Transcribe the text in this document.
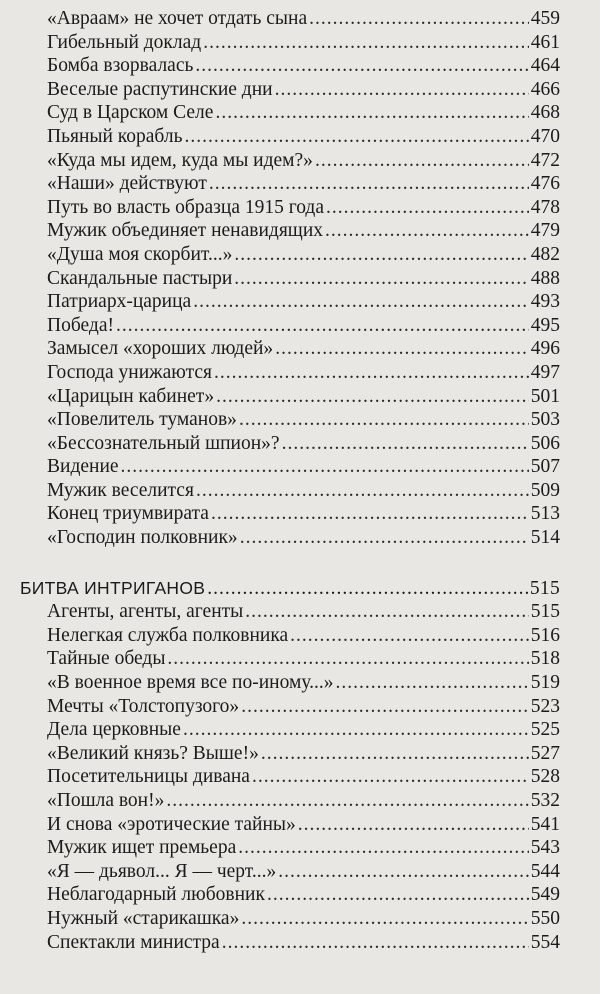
«Авраам» не хочет отдать сына .....	459
Гибельный доклад .....	461
Бомба взорвалась .....	464
Веселые распутинские дни .....	466
Суд в Царском Селе .....	468
Пьяный корабль .....	470
«Куда мы идем, куда мы идем?» .....	472
«Наши» действуют .....	476
Путь во власть образца 1915 года .....	478
Мужик объединяет ненавидящих .....	479
«Душа моя скорбит...» .....	482
Скандальные пастыри .....	488
Патриарх-царица .....	493
Победа! .....	495
Замысел «хороших людей» .....	496
Господа унижаются .....	497
«Царицын кабинет» .....	501
«Повелитель туманов» .....	503
«Бессознательный шпион»? .....	506
Видение .....	507
Мужик веселится .....	509
Конец триумвирата .....	513
«Господин полковник» .....	514
БИТВА ИНТРИГАНОВ .....	515
Агенты, агенты, агенты .....	515
Нелегкая служба полковника .....	516
Тайные обеды .....	518
«В военное время все по-иному...» .....	519
Мечты «Толстопузого» .....	523
Дела церковные .....	525
«Великий князь? Выше!» .....	527
Посетительницы дивана .....	528
«Пошла вон!» .....	532
И снова «эротические тайны» .....	541
Мужик ищет премьера .....	543
«Я — дьявол... Я — черт...» .....	544
Неблагодарный любовник .....	549
Нужный «старикашка» .....	550
Спектакли министра .....	554
